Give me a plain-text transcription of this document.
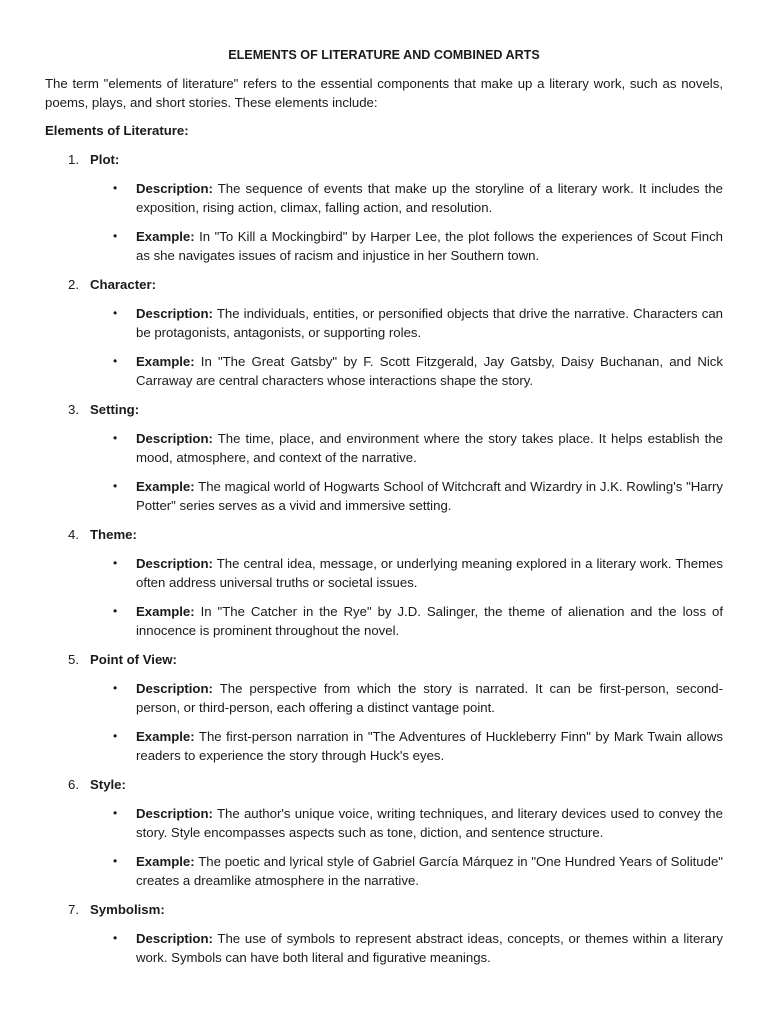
ELEMENTS OF LITERATURE AND COMBINED ARTS

The term "elements of literature" refers to the essential components that make up a literary work, such as novels, poems, plays, and short stories. These elements include:

Elements of Literature:
1. Plot:
• Description: The sequence of events that make up the storyline of a literary work. It includes the exposition, rising action, climax, falling action, and resolution.
• Example: In "To Kill a Mockingbird" by Harper Lee, the plot follows the experiences of Scout Finch as she navigates issues of racism and injustice in her Southern town.
2. Character:
• Description: The individuals, entities, or personified objects that drive the narrative. Characters can be protagonists, antagonists, or supporting roles.
• Example: In "The Great Gatsby" by F. Scott Fitzgerald, Jay Gatsby, Daisy Buchanan, and Nick Carraway are central characters whose interactions shape the story.
3. Setting:
• Description: The time, place, and environment where the story takes place. It helps establish the mood, atmosphere, and context of the narrative.
• Example: The magical world of Hogwarts School of Witchcraft and Wizardry in J.K. Rowling's "Harry Potter" series serves as a vivid and immersive setting.
4. Theme:
• Description: The central idea, message, or underlying meaning explored in a literary work. Themes often address universal truths or societal issues.
• Example: In "The Catcher in the Rye" by J.D. Salinger, the theme of alienation and the loss of innocence is prominent throughout the novel.
5. Point of View:
• Description: The perspective from which the story is narrated. It can be first-person, second-person, or third-person, each offering a distinct vantage point.
• Example: The first-person narration in "The Adventures of Huckleberry Finn" by Mark Twain allows readers to experience the story through Huck's eyes.
6. Style:
• Description: The author's unique voice, writing techniques, and literary devices used to convey the story. Style encompasses aspects such as tone, diction, and sentence structure.
• Example: The poetic and lyrical style of Gabriel García Márquez in "One Hundred Years of Solitude" creates a dreamlike atmosphere in the narrative.
7. Symbolism:
• Description: The use of symbols to represent abstract ideas, concepts, or themes within a literary work. Symbols can have both literal and figurative meanings.
